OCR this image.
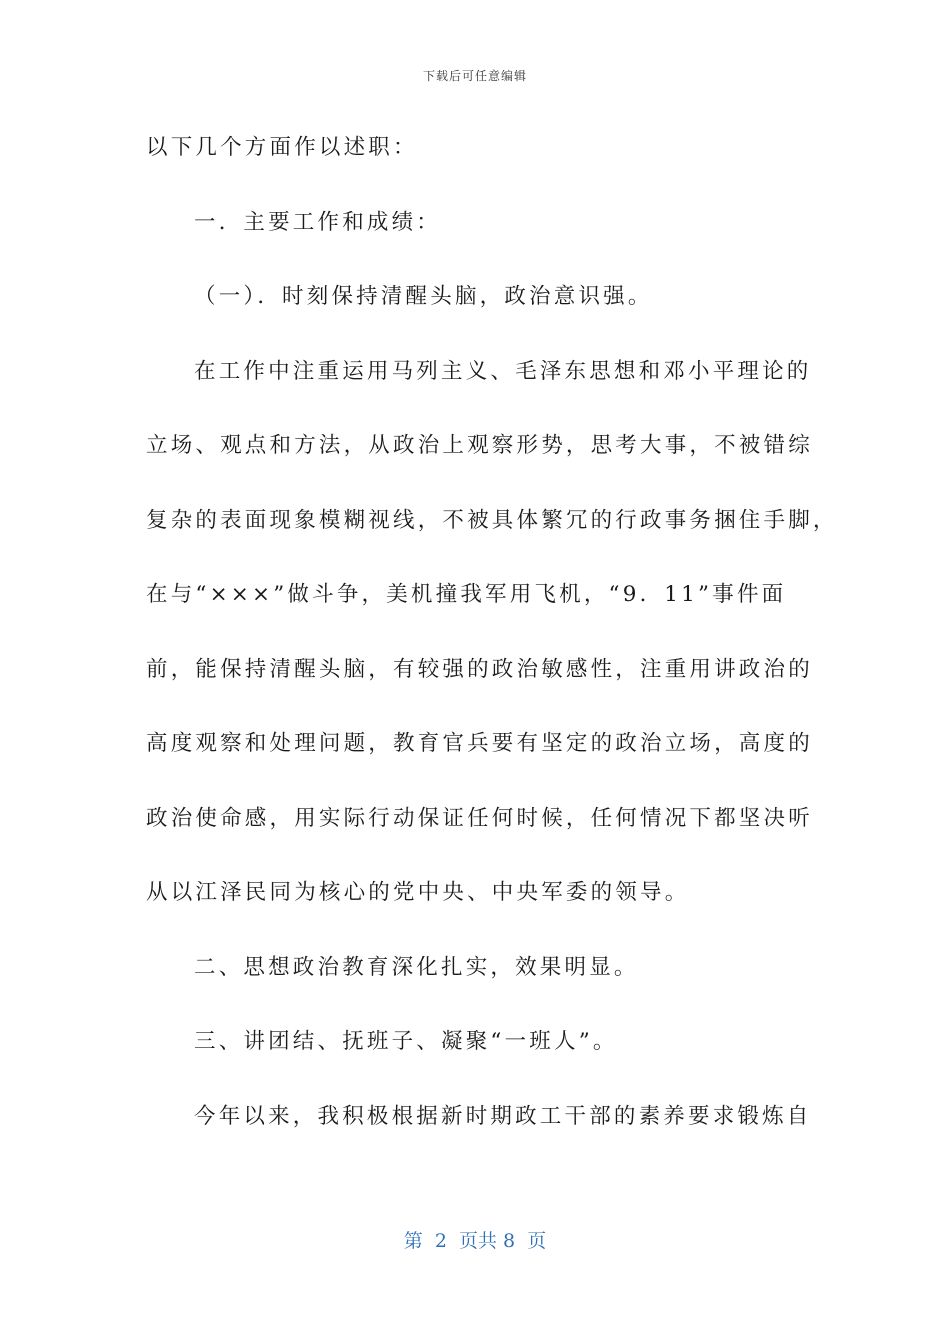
下载后可任意编辑
以下几个方面作以述职：
一．主要工作和成绩：
（一）．时刻保持清醒头脑，政治意识强。
在工作中注重运用马列主义、毛泽东思想和邓小平理论的
立场、观点和方法，从政治上观察形势，思考大事，不被错综
复杂的表面现象模糊视线，不被具体繁冗的行政事务捆住手脚，
在与“×××”做斗争，美机撞我军用飞机，“9．11”事件面
前，能保持清醒头脑，有较强的政治敏感性，注重用讲政治的
高度观察和处理问题，教育官兵要有坚定的政治立场，高度的
政治使命感，用实际行动保证任何时候，任何情况下都坚决听
从以江泽民同为核心的党中央、中央军委的领导。
二、思想政治教育深化扎实，效果明显。
三、讲团结、抚班子、凝聚“一班人”。
今年以来，我积极根据新时期政工干部的素养要求锻炼自
第  2  页共 8  页
